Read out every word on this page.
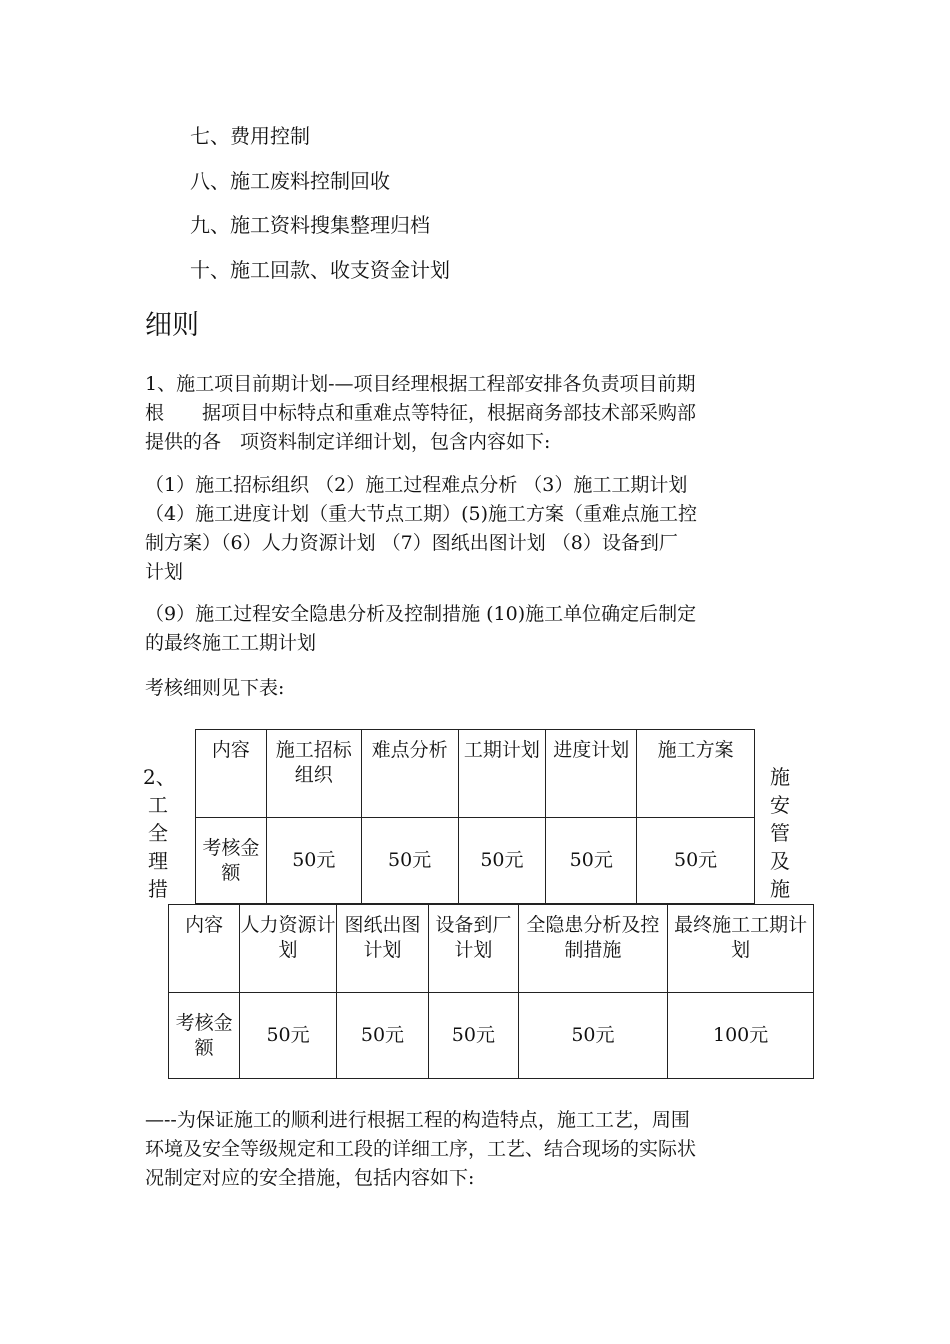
七、费用控制
八、施工废料控制回收
九、施工资料搜集整理归档
十、施工回款、收支资金计划
细则
1、施工项目前期计划-—项目经理根据工程部安排各负责项目前期
根　　据项目中标特点和重难点等特征，根据商务部技术部采购部
提供的各　项资料制定详细计划，包含内容如下:
（1）施工招标组织 （2）施工过程难点分析 （3）施工工期计划
（4）施工进度计划（重大节点工期）(5)施工方案（重难点施工控
制方案）（6）人力资源计划 （7）图纸出图计划 （8）设备到厂
计划
（9）施工过程安全隐患分析及控制措施 (10)施工单位确定后制定
的最终施工工期计划
考核细则见下表:
2、
工
全
理
措
施
安
管
及
施
内容	施工招标组织	难点分析	工期计划	进度计划	施工方案
考核金额	50元	50元	50元	50元	50元
内容	人力资源计划	图纸出图计划	设备到厂计划	全隐患分析及控制措施	最终施工工期计划
考核金额	50元	50元	50元	50元	100元
—--为保证施工的顺利进行根据工程的构造特点，施工工艺，周围
环境及安全等级规定和工段的详细工序，工艺、结合现场的实际状
况制定对应的安全措施，包括内容如下:
